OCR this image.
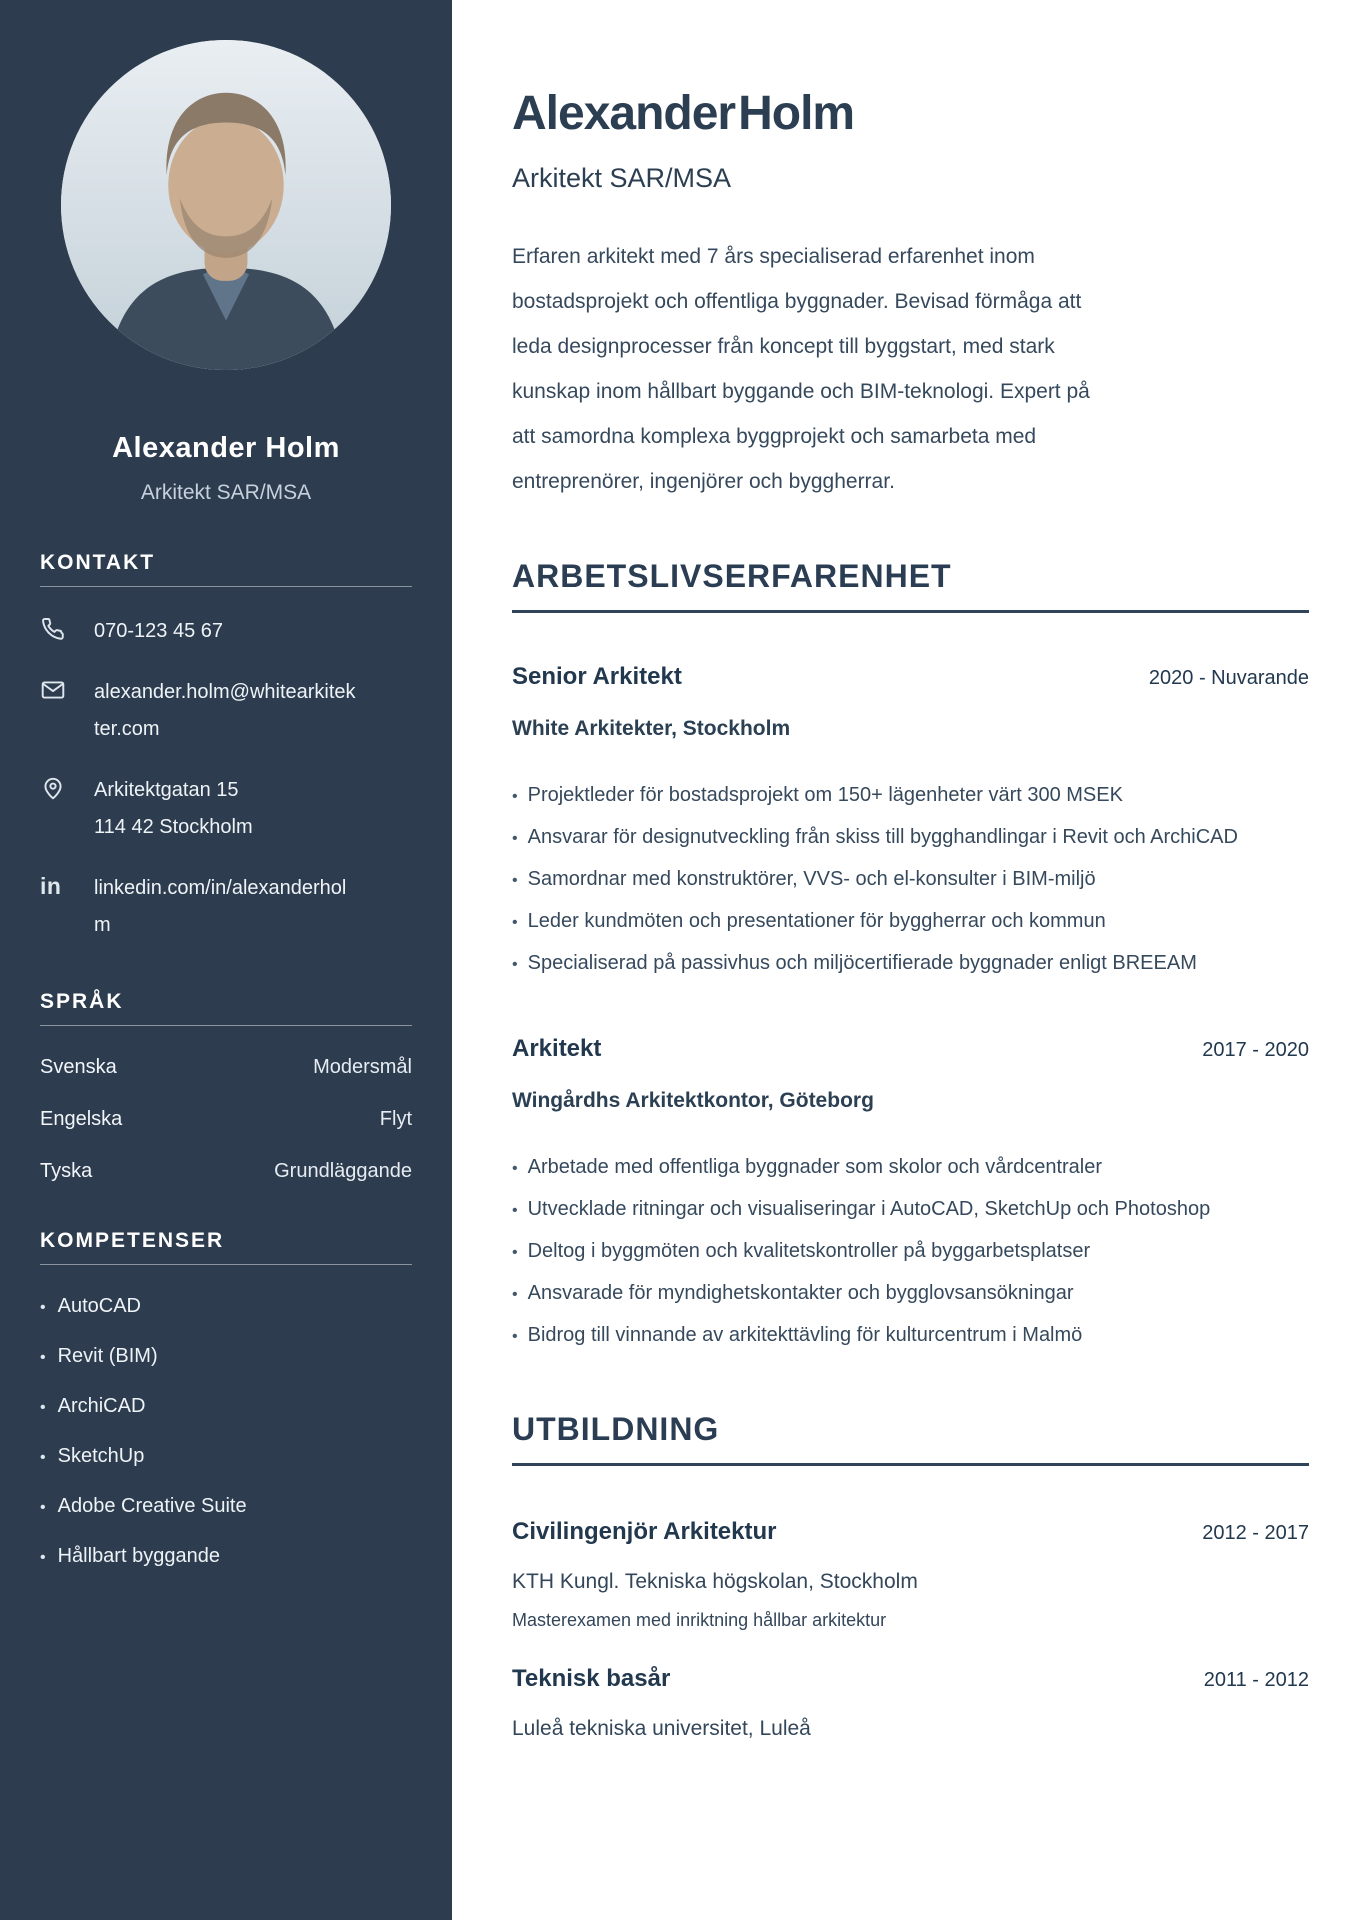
Alexander Holm
Arkitekt SAR/MSA
KONTAKT
070-123 45 67
alexander.holm@whitearkitekter.com
Arkitektgatan 15
114 42 Stockholm
in	linkedin.com/in/alexanderholm
SPRÅK
Svenska	Modersmål
Engelska	Flyt
Tyska	Grundläggande
KOMPETENSER
• AutoCAD
• Revit (BIM)
• ArchiCAD
• SketchUp
• Adobe Creative Suite
• Hållbart byggande
Alexander Holm
Arkitekt SAR/MSA

Erfaren arkitekt med 7 års specialiserad erfarenhet inom bostadsprojekt och offentliga byggnader. Bevisad förmåga att leda designprocesser från koncept till byggstart, med stark kunskap inom hållbart byggande och BIM-teknologi. Expert på att samordna komplexa byggprojekt och samarbeta med entreprenörer, ingenjörer och byggherrar.

ARBETSLIVSERFARENHET
Senior Arkitekt	2020 - Nuvarande
White Arkitekter, Stockholm
• Projektleder för bostadsprojekt om 150+ lägenheter värt 300 MSEK
• Ansvarar för designutveckling från skiss till bygghandlingar i Revit och ArchiCAD
• Samordnar med konstruktörer, VVS- och el-konsulter i BIM-miljö
• Leder kundmöten och presentationer för byggherrar och kommun
• Specialiserad på passivhus och miljöcertifierade byggnader enligt BREEAM
Arkitekt	2017 - 2020
Wingårdhs Arkitektkontor, Göteborg
• Arbetade med offentliga byggnader som skolor och vårdcentraler
• Utvecklade ritningar och visualiseringar i AutoCAD, SketchUp och Photoshop
• Deltog i byggmöten och kvalitetskontroller på byggarbetsplatser
• Ansvarade för myndighetskontakter och bygglovsansökningar
• Bidrog till vinnande av arkitekttävling för kulturcentrum i Malmö
UTBILDNING
Civilingenjör Arkitektur	2012 - 2017
KTH Kungl. Tekniska högskolan, Stockholm
Masterexamen med inriktning hållbar arkitektur
Teknisk basår	2011 - 2012
Luleå tekniska universitet, Luleå
